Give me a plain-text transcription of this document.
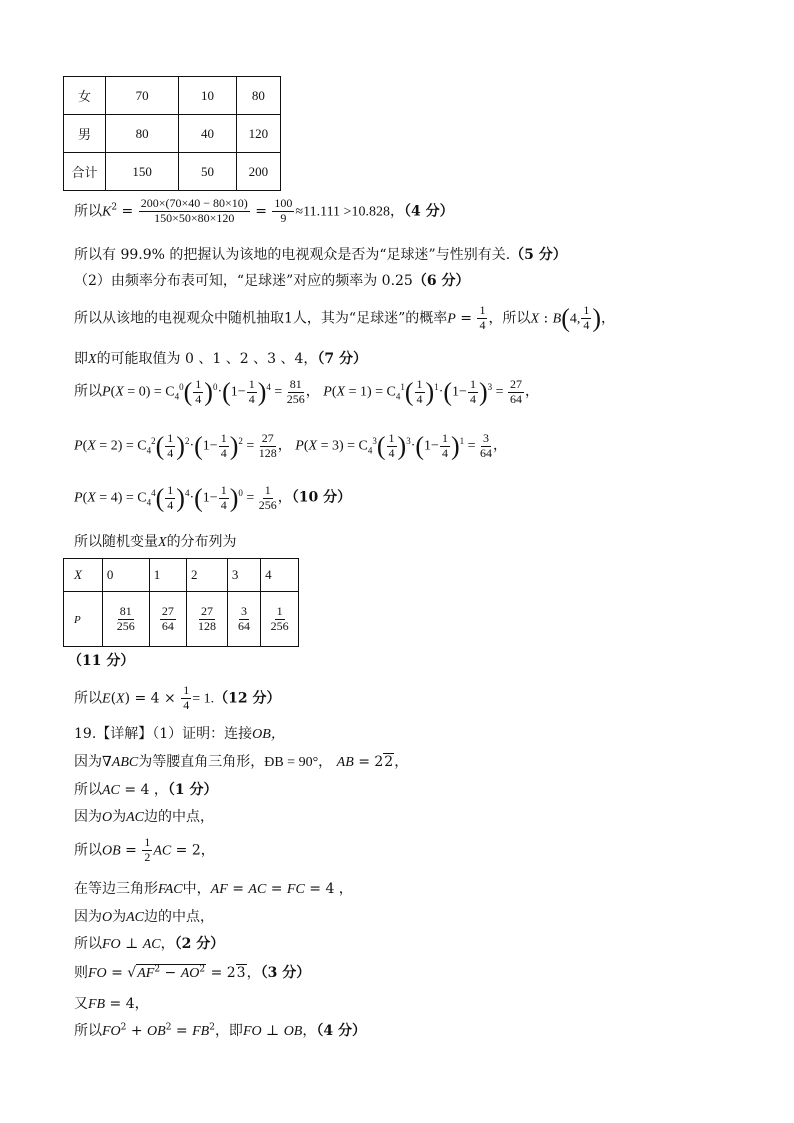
女	70	10	80
男	80	40	120
合计	150	50	200
所以$K^2 = \frac{200\times(70\times 40 - 80\times 10)}{150\times 50\times 80\times 120} = \frac{100}{9} \approx 11.111 >10.828$，（4 分）
所以有 99.9% 的把握认为该地的电视观众是否为“足球迷”与性别有关.（5 分）
（2）由频率分布表可知，“足球迷”对应的频率为 0.25（6 分）
所以从该地的电视观众中随机抽取1人，其为“足球迷”的概率$P = \frac{1}{4}$ ，所以X : B(4, $\frac{1}{4}$ )，
即X的可能取值为 0 、1 、2 、3 、4，（7 分）
所以$P(X = 0) = C_4^0( \frac{1}{4} )^0\cdot(1- \frac{1}{4} )^4 = \frac{81}{256}$ ， $P(X = 1) = C_4^1( \frac{1}{4} )^1\cdot(1- \frac{1}{4} )^3 = \frac{27}{64}$ ，
$P(X = 2) = C_4^2( \frac{1}{4} )^2\cdot(1- \frac{1}{4} )^2 = \frac{27}{128}$ ， $P(X = 3) = C_4^3( \frac{1}{4} )^3\cdot(1- \frac{1}{4} )^1 = \frac{3}{64}$ ，
$P(X = 4) = C_4^4( \frac{1}{4} )^4\cdot(1- \frac{1}{4} )^0 = \frac{1}{256}$ ，（10 分）
所以随机变量X的分布列为
X	0	1	2	3	4
P	$\frac{81}{256}$	$\frac{27}{64}$	$\frac{27}{128}$	$\frac{3}{64}$	$\frac{1}{256}$
（11 分）
所以$E(X) = 4 \times \frac{1}{4} = 1.(12$ 分）
19.【详解】（1）证明：连接OB，
因为∇ABC为等腰直角三角形，ÐB = 90°， AB = 22，
所以AC = 4 ，（1 分）
因为O为AC边的中点，
所以OB = $\frac{1}{2}$ AC = 2，
在等边三角形FAC中，AF = AC = FC = 4 ，
因为O为AC边的中点，
所以FO ⊥ AC，（2 分）
则FO = $√AF^2 - AO^2 = 23$，（3 分）
又FB = 4，
所以$FO^2 + OB^2 = FB^2$，即FO ⊥ OB，（4 分）
